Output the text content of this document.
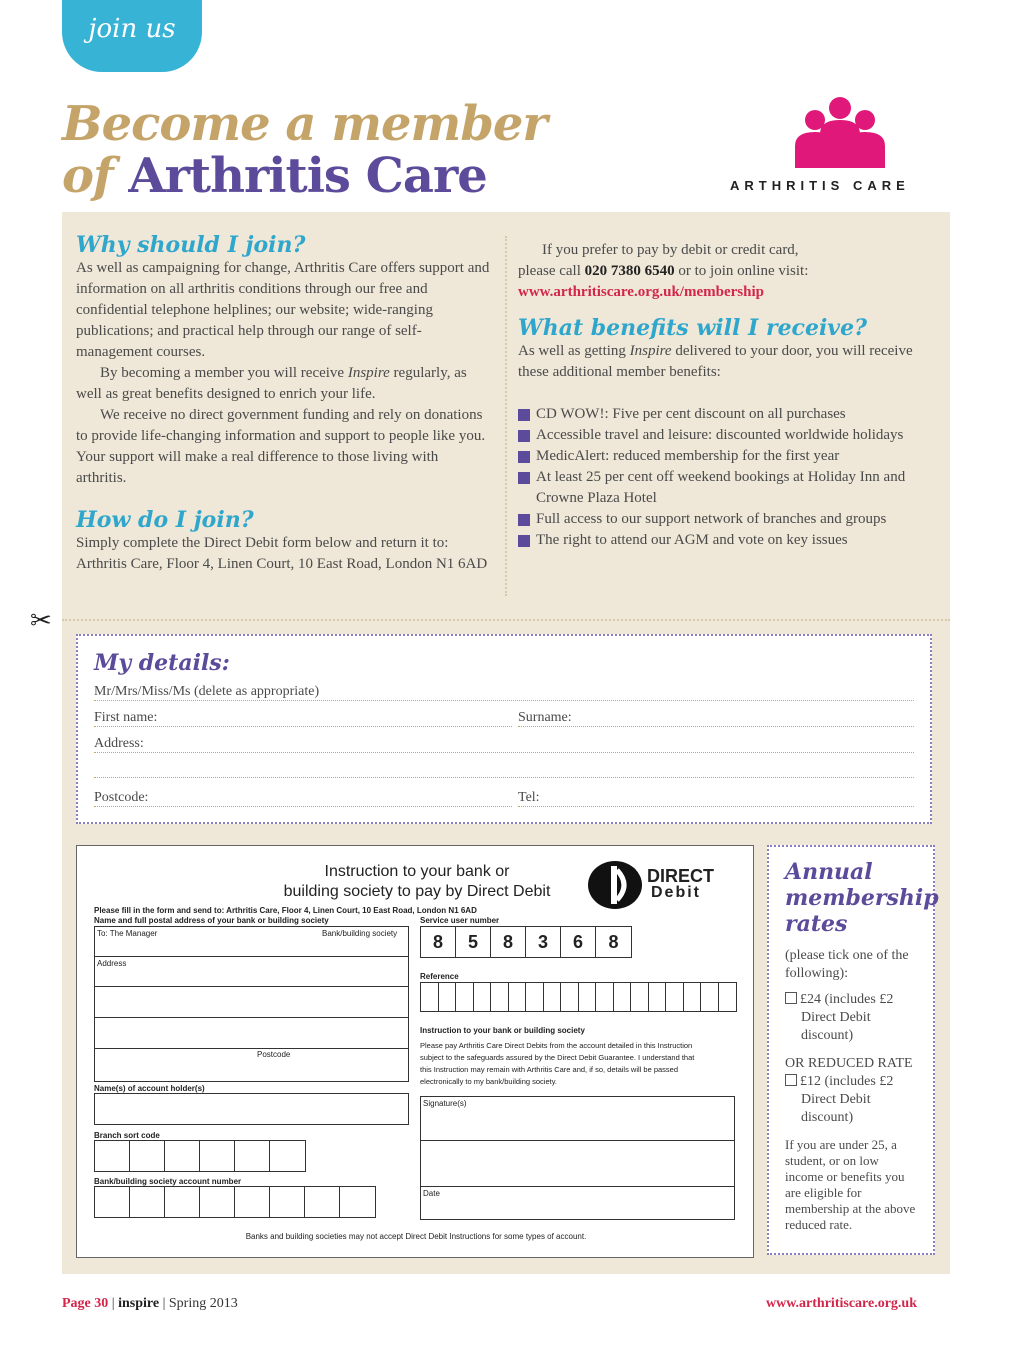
join us
Become a member
of Arthritis Care	ARTHRITIS CARE
Why should I join?

As well as campaigning for change, Arthritis Care offers support and information on all arthritis conditions through our free and confidential telephone helplines; our website; wide-ranging publications; and practical help through our range of self-management courses.

By becoming a member you will receive Inspire regularly, as well as great benefits designed to enrich your life.

We receive no direct government funding and rely on donations to provide life-changing information and support to people like you. Your support will make a real difference to those living with arthritis.

How do I join?

Simply complete the Direct Debit form below and return it to: Arthritis Care, Floor 4, Linen Court, 10 East Road, London N1 6AD

If you prefer to pay by debit or credit card,

please call 020 7380 6540 or to join online visit:

www.arthritiscare.org.uk/membership

What benefits will I receive?

As well as getting Inspire delivered to your door, you will receive these additional member benefits:

CD WOW!: Five per cent discount on all purchases
Accessible travel and leisure: discounted worldwide holidays
MedicAlert: reduced membership for the first year
At least 25 per cent off weekend bookings at Holiday Inn and Crowne Plaza Hotel
Full access to our support network of branches and groups
The right to attend our AGM and vote on key issues
✂
My details:
Mr/Mrs/Miss/Ms (delete as appropriate)
First name:	Surname:
Address:
Postcode:	Tel:
Instruction to your bank or
building society to pay by Direct Debit
DIRECT
Debit
Please fill in the form and send to: Arthritis Care, Floor 4, Linen Court, 10 East Road, London N1 6AD
Name and full postal address of your bank or building society	Service user number
To: The Manager	Bank/building society
Address
Postcode
8	5	8	3	6	8
Reference
Instruction to your bank or building society
Please pay Arthritis Care Direct Debits from the account detailed in this Instruction subject to the safeguards assured by the Direct Debit Guarantee. I understand that this Instruction may remain with Arthritis Care and, if so, details will be passed electronically to my bank/building society.
Name(s) of account holder(s)
Signature(s)
Date
Branch sort code
Bank/building society account number
Banks and building societies may not accept Direct Debit Instructions for some types of account.
Annual membership rates

(please tick one of the following):

£24 (includes £2 Direct Debit discount)

OR REDUCED RATE

£12 (includes £2 Direct Debit discount)

If you are under 25, a student, or on low income or benefits you are eligible for membership at the above reduced rate.

Page 30 | inspire | Spring 2013	www.arthritiscare.org.uk
